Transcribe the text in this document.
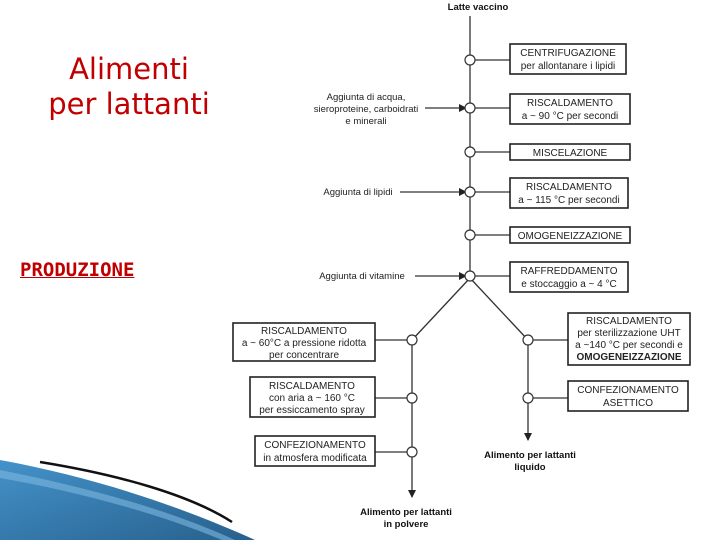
Alimenti
per lattanti
PRODUZIONE
Latte vaccino
CENTRIFUGAZIONE
per allontanare i lipidi
RISCALDAMENTO
a ~ 90 °C per secondi
MISCELAZIONE
RISCALDAMENTO
a ~ 115 °C per secondi
OMOGENEIZZAZIONE
RAFFREDDAMENTO
e stoccaggio a ~ 4 °C
Aggiunta di acqua,
sieroproteine, carboidrati
e minerali
Aggiunta di lipidi
Aggiunta di vitamine
RISCALDAMENTO
a ~ 60°C a pressione ridotta
per concentrare
RISCALDAMENTO
con aria a ~ 160 °C
per essiccamento spray
CONFEZIONAMENTO
in atmosfera modificata
RISCALDAMENTO
per sterilizzazione UHT
a ~140 °C per secondi e
OMOGENEIZZAZIONE
CONFEZIONAMENTO
ASETTICO
Alimento per lattanti
liquido
Alimento per lattanti
in polvere
